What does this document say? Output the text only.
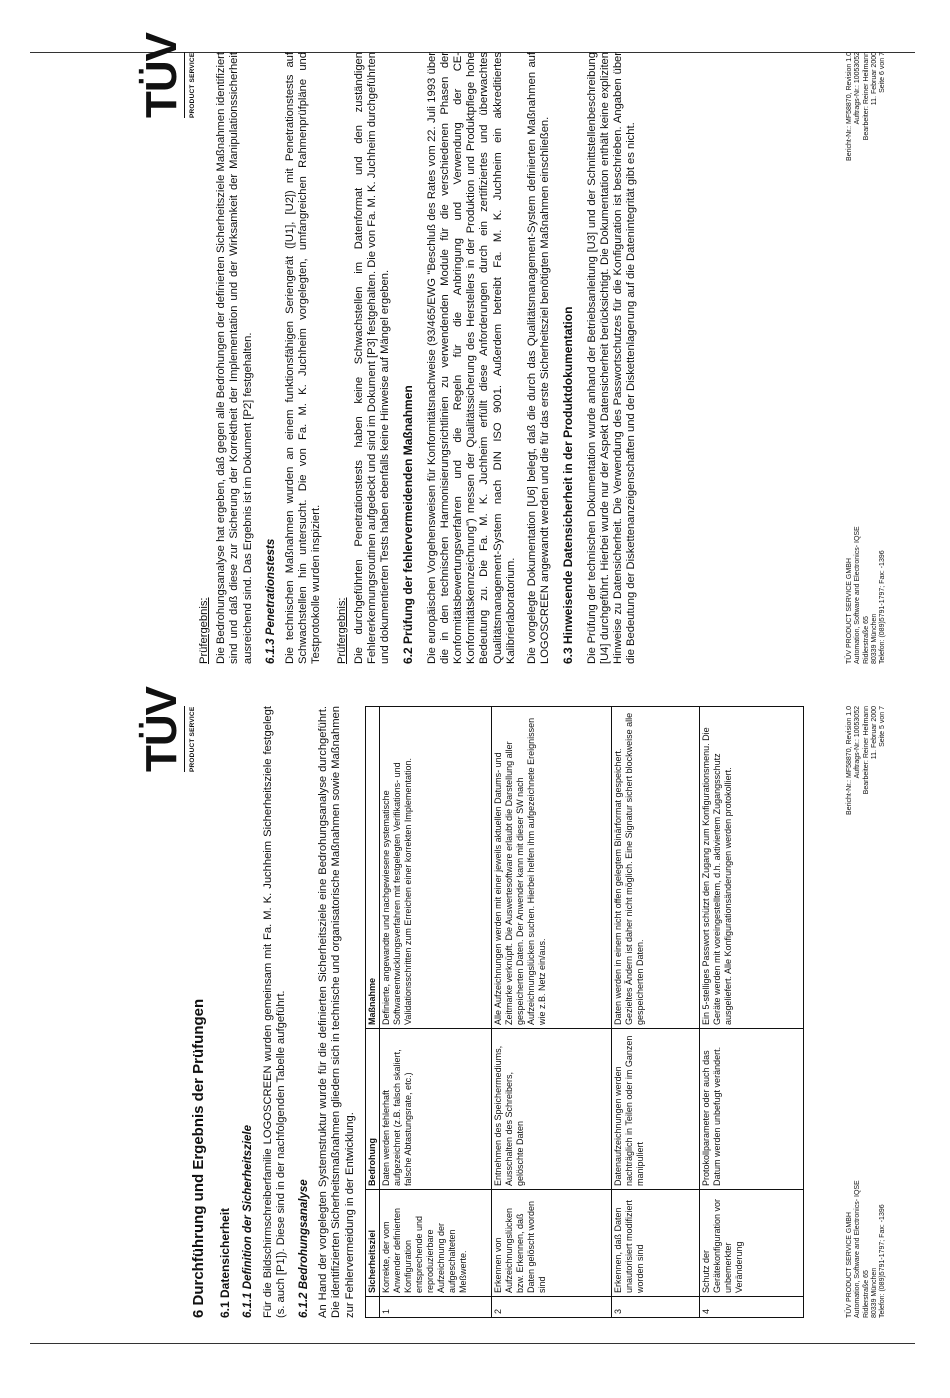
TÜV PRODUCT SERVICE
6 Durchführung und Ergebnis der Prüfungen 6.1 Datensicherheit 6.1.1 Definition der Sicherheitsziele Für die Bildschirmschreiberfamilie LOGOSCREEN wurden gemeinsam mit Fa. M. K. Juchheim Sicherheitsziele festgelegt (s. auch [P1]). Diese sind in der nachfolgenden Tabelle aufgeführt. 6.1.2 Bedrohungsanalyse An Hand der vorgelegten Systemstruktur wurde für die definierten Sicherheitsziele eine Bedrohungsanalyse durchgeführt. Die identifizierten Sicherheitsmaßnahmen gliedern sich in technische und organisatorische Maßnahmen sowie Maßnahmen zur Fehlervermeidung in der Entwicklung.

	Sicherheitsziel	Bedrohung	Maßnahme
1	Korrekte, der vom Anwender definierten Konfiguration entsprechende und reproduzierbare Aufzeichnung der aufgeschalteten Meßwerte.	Daten werden fehlerhaft aufgezeichnet (z.B. falsch skaliert, falsche Abtastungsrate, etc.)	Definierte, angewandte und nachgewiesene systematische Softwareentwicklungsverfahren mit festgelegten Verifikations- und Validationsschritten zum Erreichen einer korrekten Implementation.
2	Erkennen von Aufzeichnungslücken bzw. Erkennen, daß Daten gelöscht worden sind	Entnehmen des Speichermediums, Ausschalten des Schreibers, gelöschte Daten	Alle Aufzeichnungen werden mit einer jeweils aktuellen Datums- und Zeitmarke verknüpft. Die Auswertesoftware erlaubt die Darstellung aller gespeicherten Daten. Der Anwender kann mit dieser SW nach Aufzeichnungslücken suchen. Hierbei helfen ihm aufgezeichnete Ereignissen wie z.B. Netz ein/aus.
3	Erkennen, daß Daten unautorisiert modifiziert worden sind	Datenaufzeichnungen werden nachträglich in Teilen oder im Ganzen manipuliert	Daten werden in einem nicht offen gelegtem Binärformat gespeichert. Gezieltes Ändern ist daher nicht möglich. Eine Signatur sichert blockweise alle gespeicherten Daten.
4	Schutz der Gerätekonfiguration vor unbemerkter Veränderung	Protokollparameter oder auch das Datum werden unbefugt verändert.	Ein 5-stelliges Passwort schützt den Zugang zum Konfigurationsmenu. Die Geräte werden mit voreingestelltem, d.h. aktiviertem Zugangsschutz ausgeliefert. Alle Konfigurationsänderungen werden protokolliert.
TÜV PRODUCT SERVICE GMBH Automation, Software and Electronics- IQSE Ridlerstraße 65 80339 München Telefon: (089)5791-1797; Fax: -1396
Bericht-Nr.: MF58870, Revision 1.0 Auftrags-Nr.: 10053052 Bearbeiter: Reiner Heilmann 11. Februar 2000 Seite 5 von 7
TÜV PRODUCT SERVICE
Prüfergebnis: Die Bedrohungsanalyse hat ergeben, daß gegen alle Bedrohungen der definierten Sicherheitsziele Maßnahmen identifiziert sind und daß diese zur Sicherung der Korrektheit der Implementation und der Wirksamkeit der Manipulationssicherheit ausreichend sind. Das Ergebnis ist im Dokument [P2] festgehalten. 6.1.3 Penetrationstests Die technischen Maßnahmen wurden an einem funktionsfähigen Seriengerät ([U1], [U2]) mit Penetrationstests auf Schwachstellen hin untersucht. Die von Fa. M. K. Juchheim vorgelegten, umfangreichen Rahmenprüfpläne und Testprotokolle wurden inspiziert. Prüfergebnis: Die durchgeführten Penetrationstests haben keine Schwachstellen im Datenformat und den zuständigen Fehlererkennungsroutinen aufgedeckt und sind im Dokument [P3] festgehalten. Die von Fa. M. K. Juchheim durchgeführten und dokumentierten Tests haben ebenfalls keine Hinweise auf Mängel ergeben. 6.2 Prüfung der fehlervermeidenden Maßnahmen Die europäischen Vorgehensweisen für Konformitätsnachweise (93/465/EWG "Beschluß des Rates vom 22. Juli 1993 über die in den technischen Harmonisierungsrichtlinien zu verwendenden Module für die verschiedenen Phasen der Konformitätsbewertungsverfahren und die Regeln für die Anbringung und Verwendung der CE-Konformitätskennzeichnung") messen der Qualitätssicherung des Herstellers in der Produktion und Produktpflege hohe Bedeutung zu. Die Fa. M. K. Juchheim erfüllt diese Anforderungen durch ein zertifiziertes und überwachtes Qualitätsmanagement-System nach DIN ISO 9001. Außerdem betreibt Fa. M. K. Juchheim ein akkreditiertes Kalibrierlaboratorium. Die vorgelegte Dokumentation [U6] belegt, daß die durch das Qualitätsmanagement-System definierten Maßnahmen auf LOGOSCREEN angewandt werden und die für das erste Sicherheitsziel benötigten Maßnahmen einschließen. 6.3 Hinweisende Datensicherheit in der Produktdokumentation Die Prüfung der technischen Dokumentation wurde anhand der Betriebsanleitung [U3] und der Schnittstellenbeschreibung [U4] durchgeführt. Hierbei wurde nur der Aspekt Datensicherheit berücksichtigt. Die Dokumentation enthält keine expliziten Hinweise zu Datensicherheit. Die Verwendung des Passwortschutzes für die Konfiguration ist beschrieben. Angaben über die Bedeutung der Diskettenanzeigenschaften und der Diskettenlagerung auf die Datenintegrität gibt es nicht.	TÜV PRODUCT SERVICE GMBH Automation, Software and Electronics- IQSE Ridlerstraße 65 80339 München Telefon: (089)5791-1797; Fax: -1396
Bericht-Nr.: MF58870, Revision 1.0 Auftrags-Nr.: 10053052 Bearbeiter: Reiner Heilmann 11. Februar 2000 Seite 6 von 7
